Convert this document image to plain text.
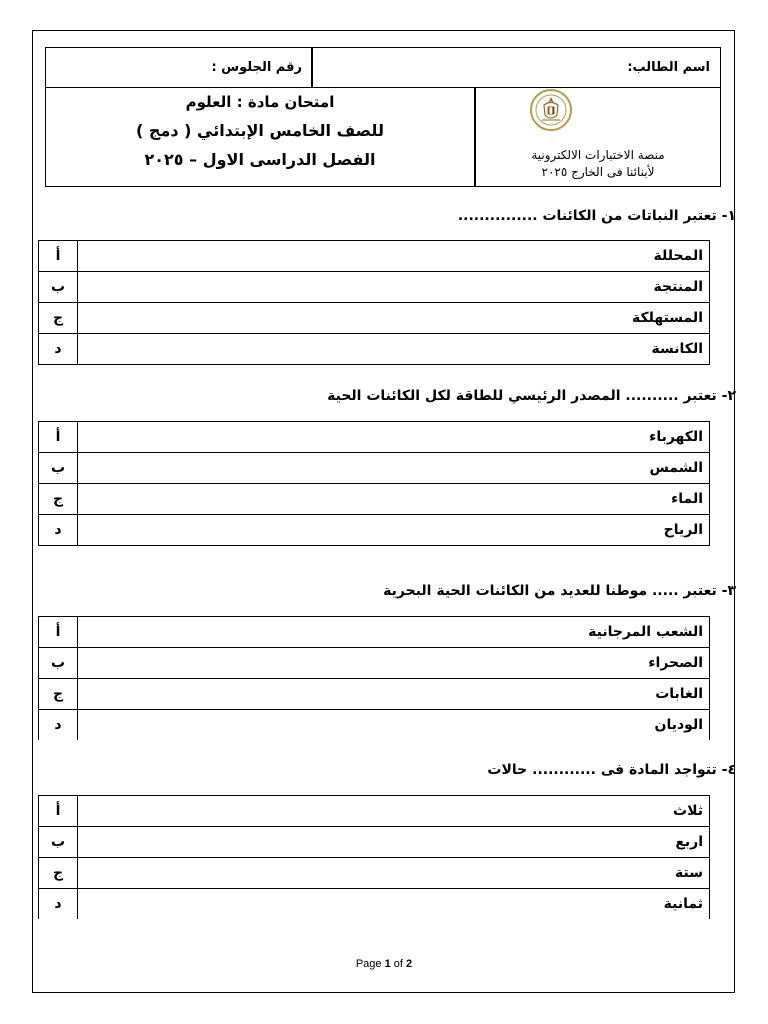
اسم الطالب:
رقم الجلوس :
امتحان مادة : العلوم
للصف الخامس الإبتدائي ( دمج )
الفصل الدراسى الاول – ٢٠٢٥	منصة الاختبارات الالكترونية
لأبنائنا فى الخارج ٢٠٢٥
١- تعتبر النباتات من الكائنات ...............
أ	المحللة
ب	المنتجة
ج	المستهلكة
د	الكانسة
٢- تعتبر .......... المصدر الرئيسي للطاقة لكل الكائنات الحية
أ	الكهرباء
ب	الشمس
ج	الماء
د	الرياح
٣- تعتبر ..... موطنا للعديد من الكائنات الحية البحرية
أ	الشعب المرجانية
ب	الصحراء
ج	الغابات
د	الوديان
٤- تتواجد المادة فى ............ حالات
أ	ثلاث
ب	اربع
ج	ستة
د	ثمانية
Page 1 of 2
